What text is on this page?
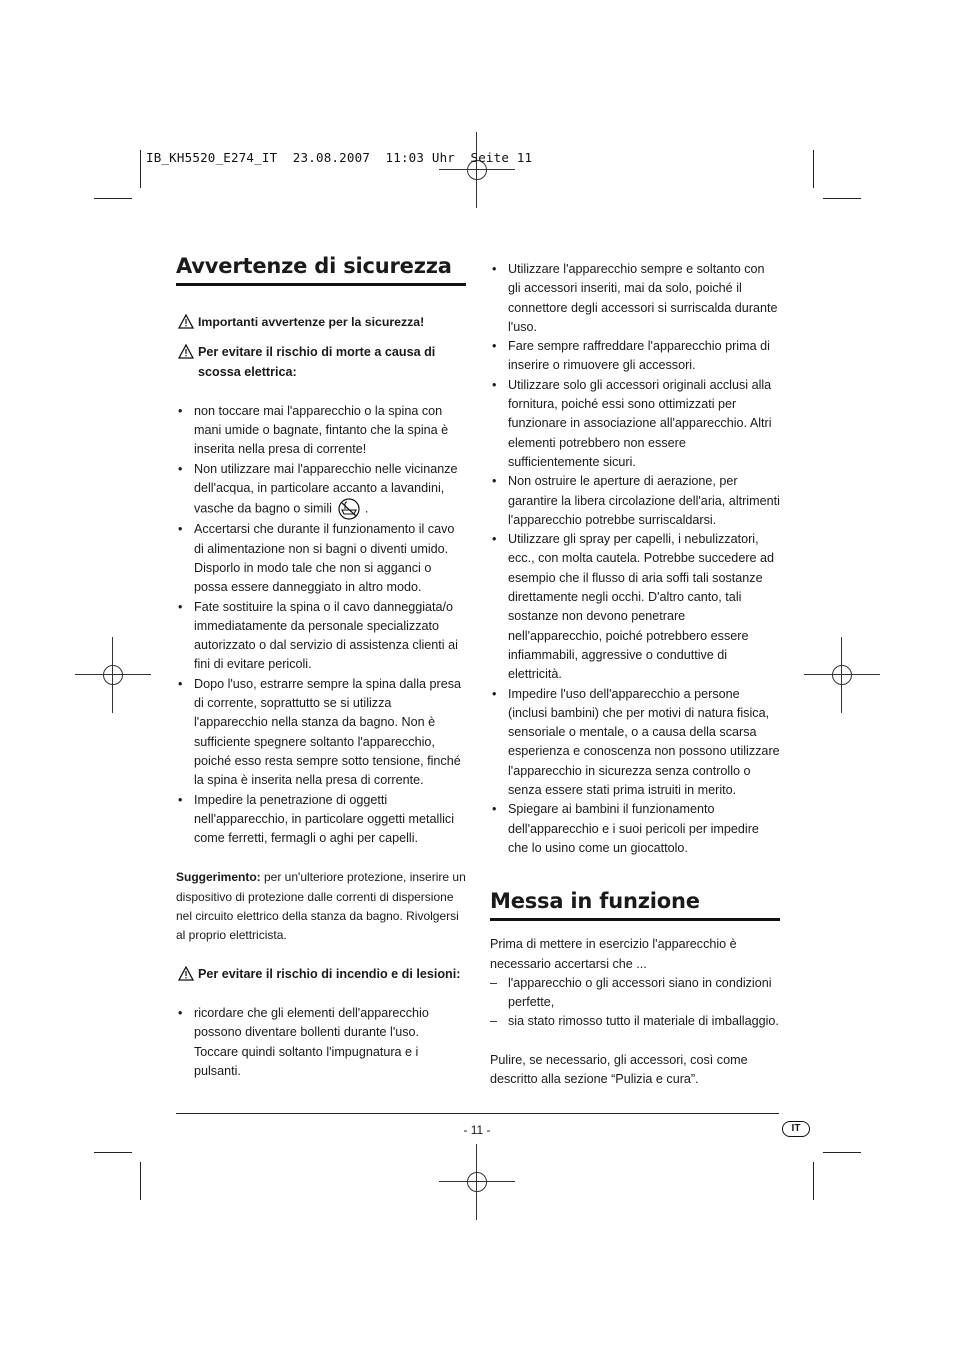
IB_KH5520_E274_IT  23.08.2007  11:03 Uhr  Seite 11
Avvertenze di sicurezza
Importanti avvertenze per la sicurezza!
Per evitare il rischio di morte a causa di scossa elettrica:
• non toccare mai l'apparecchio o la spina con mani umide o bagnate, fintanto che la spina è inserita nella presa di corrente!
• Non utilizzare mai l'apparecchio nelle vicinanze dell'acqua, in particolare accanto a lavandini, vasche da bagno o simili	.
• Accertarsi che durante il funzionamento il cavo di alimentazione non si bagni o diventi umido. Disporlo in modo tale che non si agganci o possa essere danneggiato in altro modo.
• Fate sostituire la spina o il cavo danneggiata/o immediatamente da personale specializzato autorizzato o dal servizio di assistenza clienti ai fini di evitare pericoli.
• Dopo l'uso, estrarre sempre la spina dalla presa di corrente, soprattutto se si utilizza l'apparecchio nella stanza da bagno. Non è sufficiente spegnere soltanto l'apparecchio, poiché esso resta sempre sotto tensione, finché la spina è inserita nella presa di corrente.
• Impedire la penetrazione di oggetti nell'apparecchio, in particolare oggetti metallici come ferretti, fermagli o aghi per capelli.

Suggerimento: per un'ulteriore protezione, inserire un dispositivo di protezione dalle correnti di dispersione nel circuito elettrico della stanza da bagno. Rivolgersi al proprio elettricista.

Per evitare il rischio di incendio e di lesioni:
• ricordare che gli elementi dell'apparecchio possono diventare bollenti durante l'uso. Toccare quindi soltanto l'impugnatura e i pulsanti.
• Utilizzare l'apparecchio sempre e soltanto con gli accessori inseriti, mai da solo, poiché il connettore degli accessori si surriscalda durante l'uso.
• Fare sempre raffreddare l'apparecchio prima di inserire o rimuovere gli accessori.
• Utilizzare solo gli accessori originali acclusi alla fornitura, poiché essi sono ottimizzati per funzionare in associazione all'apparecchio. Altri elementi potrebbero non essere sufficientemente sicuri.
• Non ostruire le aperture di aerazione, per garantire la libera circolazione dell'aria, altrimenti l'apparecchio potrebbe surriscaldarsi.
• Utilizzare gli spray per capelli, i nebulizzatori, ecc., con molta cautela. Potrebbe succedere ad esempio che il flusso di aria soffi tali sostanze direttamente negli occhi. D'altro canto, tali sostanze non devono penetrare nell'apparecchio, poiché potrebbero essere infiammabili, aggressive o conduttive di elettricità.
• Impedire l'uso dell'apparecchio a persone (inclusi bambini) che per motivi di natura fisica, sensoriale o mentale, o a causa della scarsa esperienza e conoscenza non possono utilizzare l'apparecchio in sicurezza senza controllo o senza essere stati prima istruiti in merito.
• Spiegare ai bambini il funzionamento dell'apparecchio e i suoi pericoli per impedire che lo usino come un giocattolo.
Messa in funzione

Prima di mettere in esercizio l'apparecchio è necessario accertarsi che ...

– l'apparecchio o gli accessori siano in condizioni perfette,
– sia stato rimosso tutto il materiale di imballaggio.

Pulire, se necessario, gli accessori, così come descritto alla sezione “Pulizia e cura”.

- 11 -	IT
